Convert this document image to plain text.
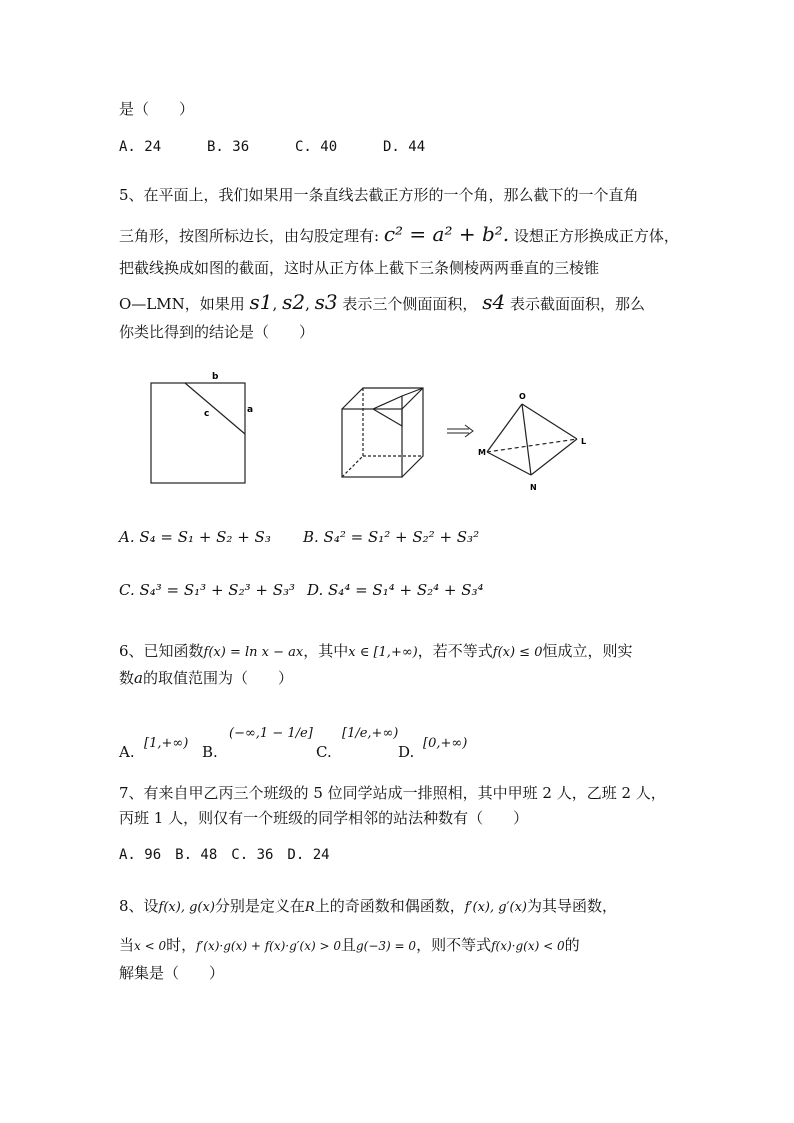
是（　　）
A. 24	B. 36	C. 40	D. 44
5、在平面上，我们如果用一条直线去截正方形的一个角，那么截下的一个直角
三角形，按图所标边长，由勾股定理有: c² = a² + b². 设想正方形换成正方体，
把截线换成如图的截面，这时从正方体上截下三条侧棱两两垂直的三棱锥
O—LMN，如果用 s1, s2, s3 表示三个侧面面积， s4 表示截面面积，那么
你类比得到的结论是（　　）
b
c	a
O
L
M
N
A. S₄ = S₁ + S₂ + S₃ B. S₄² = S₁² + S₂² + S₃²
C. S₄³ = S₁³ + S₂³ + S₃³ D. S₄⁴ = S₁⁴ + S₂⁴ + S₃⁴
6、已知函数f(x) = ln x − ax，其中x ∈ [1,+∞)，若不等式f(x) ≤ 0恒成立，则实
数a的取值范围为（　　）
A. [1,+∞) B.
(−∞,1 − 1/e]
C.
[1/e,+∞)
D. [0,+∞)
7、有来自甲乙丙三个班级的 5 位同学站成一排照相，其中甲班 2 人，乙班 2 人，
丙班 1 人，则仅有一个班级的同学相邻的站法种数有（　　）
A. 96　B. 48　C. 36　D. 24
8、设f(x), g(x)分别是定义在R上的奇函数和偶函数，f′(x), g′(x)为其导函数，
当x < 0时，f′(x)·g(x) + f(x)·g′(x) > 0且g(−3) = 0，则不等式f(x)·g(x) < 0的
解集是（　　）
